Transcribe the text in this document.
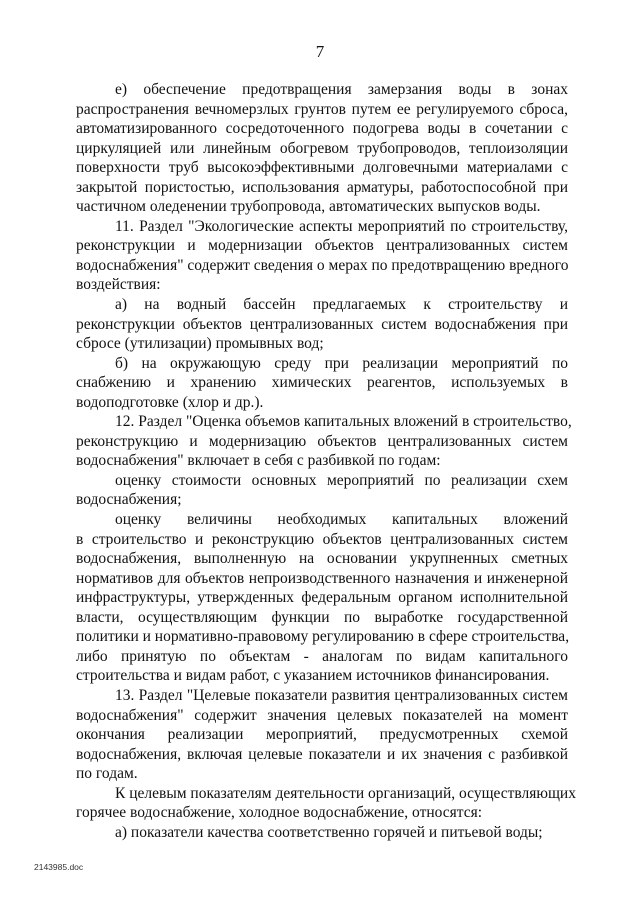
7
е) обеспечение предотвращения замерзания воды в зонах
распространения вечномерзлых грунтов путем ее регулируемого сброса,
автоматизированного сосредоточенного подогрева воды в сочетании с
циркуляцией или линейным обогревом трубопроводов, теплоизоляции
поверхности труб высокоэффективными долговечными материалами с
закрытой пористостью, использования арматуры, работоспособной при
частичном оледенении трубопровода, автоматических выпусков воды.
11. Раздел "Экологические аспекты мероприятий по строительству,
реконструкции и модернизации объектов централизованных систем
водоснабжения" содержит сведения о мерах по предотвращению вредного
воздействия:
а) на водный бассейн предлагаемых к строительству и
реконструкции объектов централизованных систем водоснабжения при
сбросе (утилизации) промывных вод;
б) на окружающую среду при реализации мероприятий по
снабжению и хранению химических реагентов, используемых в
водоподготовке (хлор и др.).
12. Раздел "Оценка объемов капитальных вложений в строительство,
реконструкцию и модернизацию объектов централизованных систем
водоснабжения" включает в себя с разбивкой по годам:
оценку стоимости основных мероприятий по реализации схем
водоснабжения;
оценку величины необходимых капитальных вложений
в строительство и реконструкцию объектов централизованных систем
водоснабжения, выполненную на основании укрупненных сметных
нормативов для объектов непроизводственного назначения и инженерной
инфраструктуры, утвержденных федеральным органом исполнительной
власти, осуществляющим функции по выработке государственной
политики и нормативно-правовому регулированию в сфере строительства,
либо принятую по объектам - аналогам по видам капитального
строительства и видам работ, с указанием источников финансирования.
13. Раздел "Целевые показатели развития централизованных систем
водоснабжения" содержит значения целевых показателей на момент
окончания реализации мероприятий, предусмотренных схемой
водоснабжения, включая целевые показатели и их значения с разбивкой
по годам.
К целевым показателям деятельности организаций, осуществляющих
горячее водоснабжение, холодное водоснабжение, относятся:
а) показатели качества соответственно горячей и питьевой воды;
2143985.doc
